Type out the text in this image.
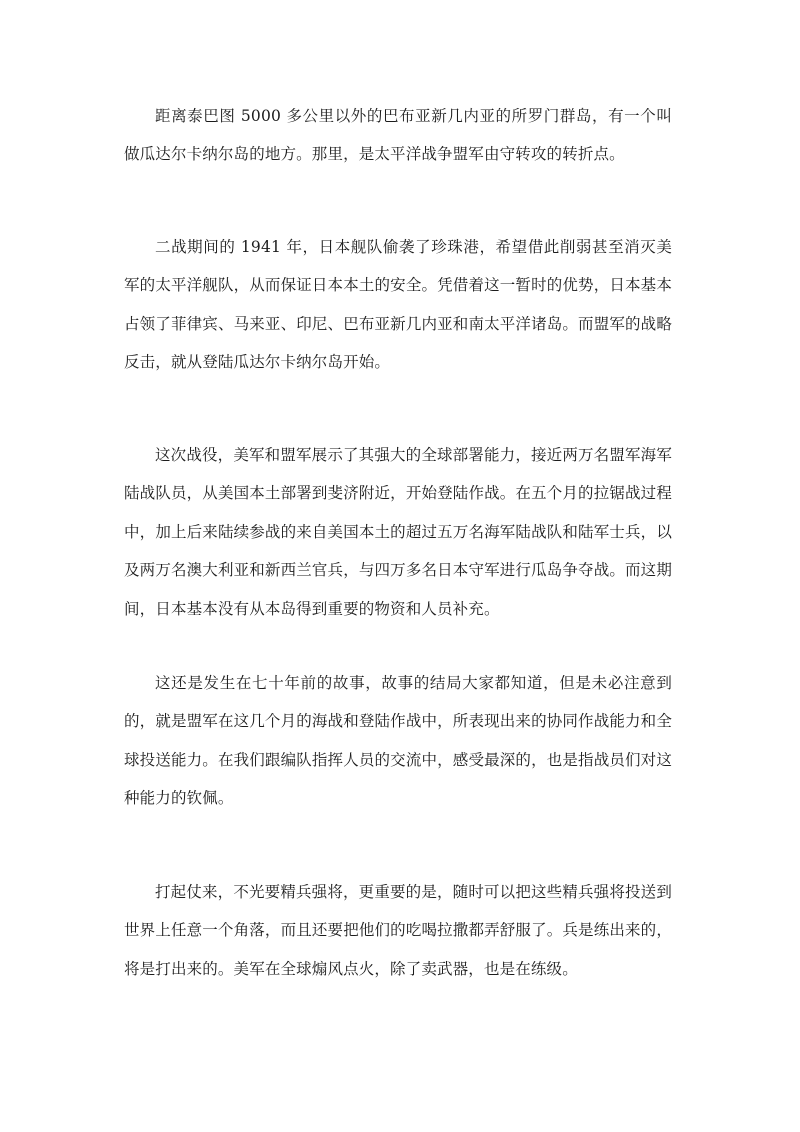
距离泰巴图 5000 多公里以外的巴布亚新几内亚的所罗门群岛，有一个叫做瓜达尔卡纳尔岛的地方。那里，是太平洋战争盟军由守转攻的转折点。

二战期间的 1941 年，日本舰队偷袭了珍珠港，希望借此削弱甚至消灭美军的太平洋舰队，从而保证日本本土的安全。凭借着这一暂时的优势，日本基本占领了菲律宾、马来亚、印尼、巴布亚新几内亚和南太平洋诸岛。而盟军的战略反击，就从登陆瓜达尔卡纳尔岛开始。

这次战役，美军和盟军展示了其强大的全球部署能力，接近两万名盟军海军陆战队员，从美国本土部署到斐济附近，开始登陆作战。在五个月的拉锯战过程中，加上后来陆续参战的来自美国本土的超过五万名海军陆战队和陆军士兵，以及两万名澳大利亚和新西兰官兵，与四万多名日本守军进行瓜岛争夺战。而这期间，日本基本没有从本岛得到重要的物资和人员补充。

这还是发生在七十年前的故事，故事的结局大家都知道，但是未必注意到的，就是盟军在这几个月的海战和登陆作战中，所表现出来的协同作战能力和全球投送能力。在我们跟编队指挥人员的交流中，感受最深的，也是指战员们对这种能力的钦佩。

打起仗来，不光要精兵强将，更重要的是，随时可以把这些精兵强将投送到世界上任意一个角落，而且还要把他们的吃喝拉撒都弄舒服了。兵是练出来的，将是打出来的。美军在全球煽风点火，除了卖武器，也是在练级。
